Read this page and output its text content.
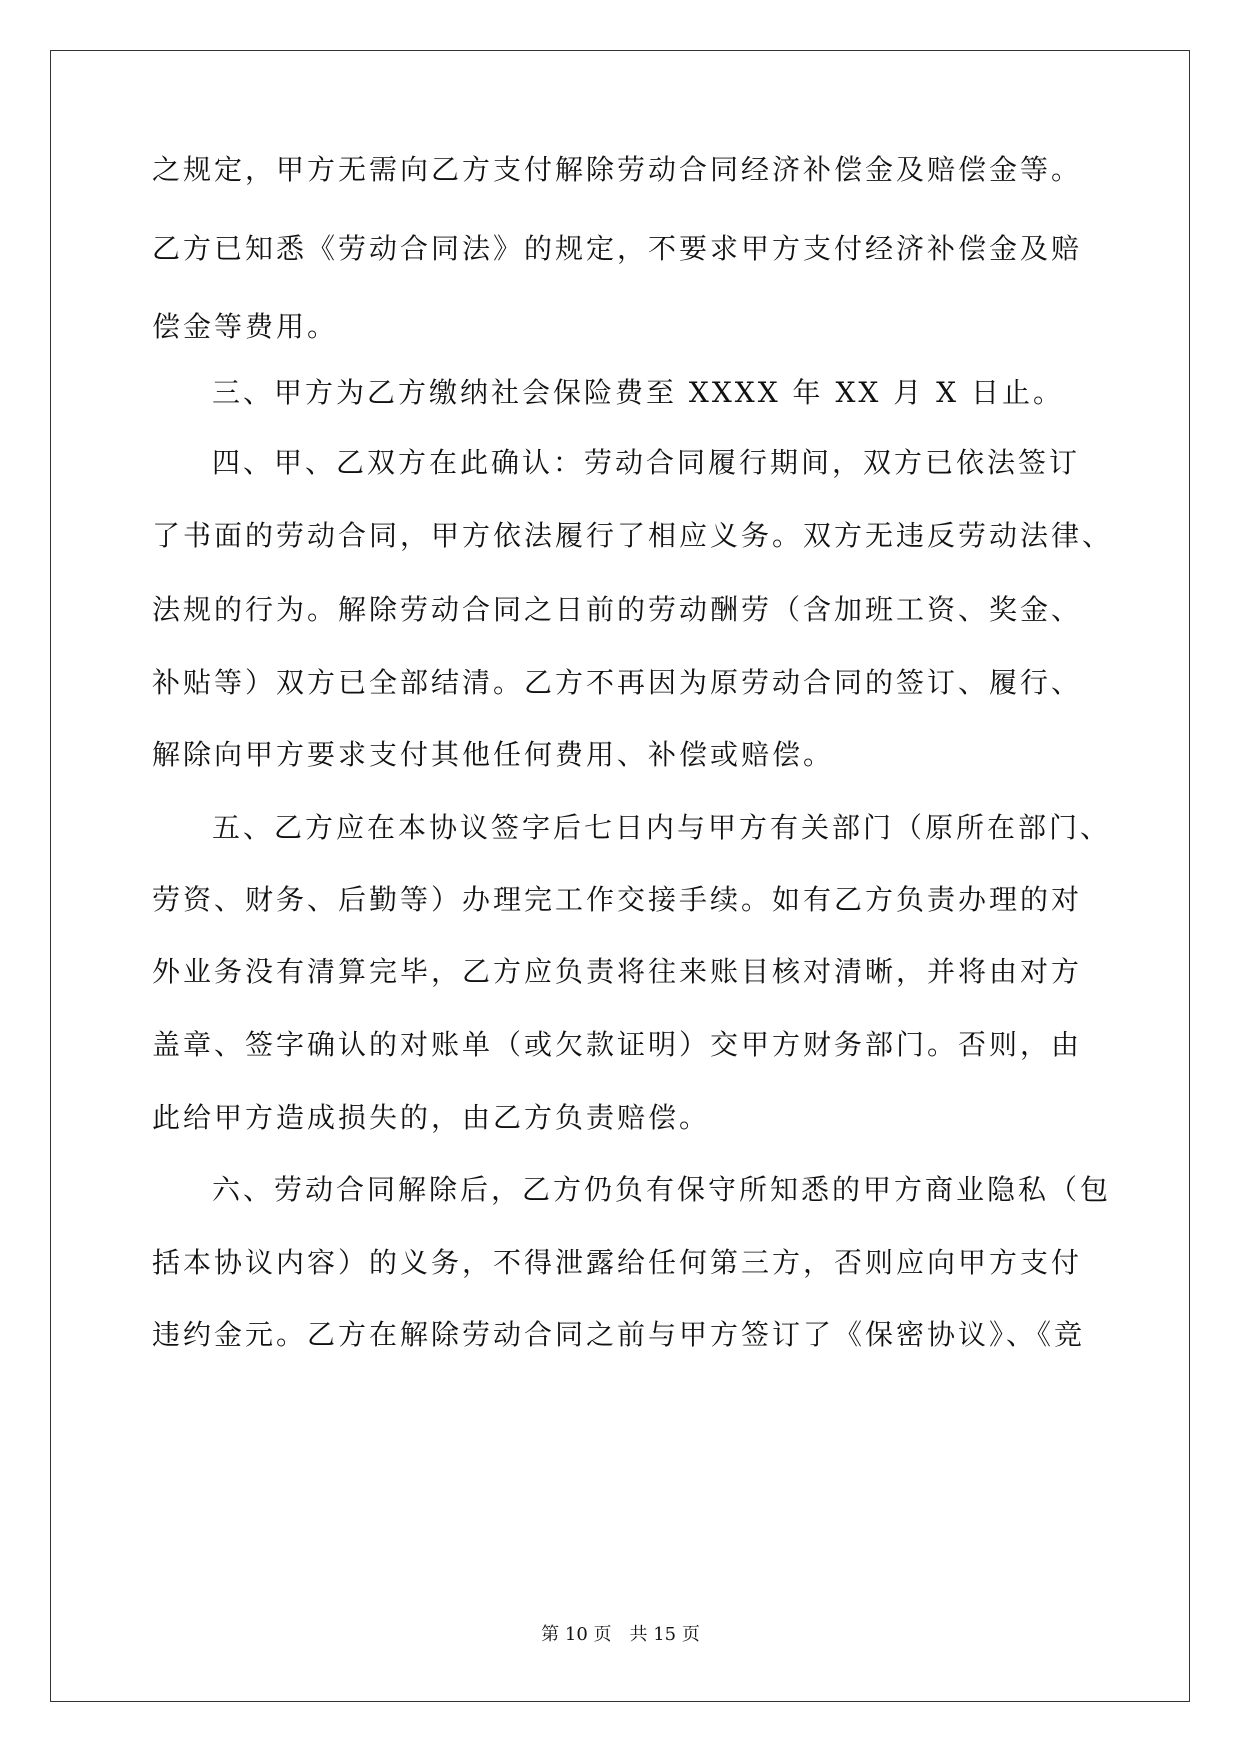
之规定，甲方无需向乙方支付解除劳动合同经济补偿金及赔偿金等。
乙方已知悉《劳动合同法》的规定，不要求甲方支付经济补偿金及赔
偿金等费用。
三、甲方为乙方缴纳社会保险费至 XXXX 年 XX 月 X 日止。
四、甲、乙双方在此确认：劳动合同履行期间，双方已依法签订
了书面的劳动合同，甲方依法履行了相应义务。双方无违反劳动法律、
法规的行为。解除劳动合同之日前的劳动酬劳（含加班工资、奖金、
补贴等）双方已全部结清。乙方不再因为原劳动合同的签订、履行、
解除向甲方要求支付其他任何费用、补偿或赔偿。
五、乙方应在本协议签字后七日内与甲方有关部门（原所在部门、
劳资、财务、后勤等）办理完工作交接手续。如有乙方负责办理的对
外业务没有清算完毕，乙方应负责将往来账目核对清晰，并将由对方
盖章、签字确认的对账单（或欠款证明）交甲方财务部门。否则，由
此给甲方造成损失的，由乙方负责赔偿。
六、劳动合同解除后，乙方仍负有保守所知悉的甲方商业隐私（包
括本协议内容）的义务，不得泄露给任何第三方，否则应向甲方支付
违约金元。乙方在解除劳动合同之前与甲方签订了《保密协议》、《竞
第 10 页　共 15 页
